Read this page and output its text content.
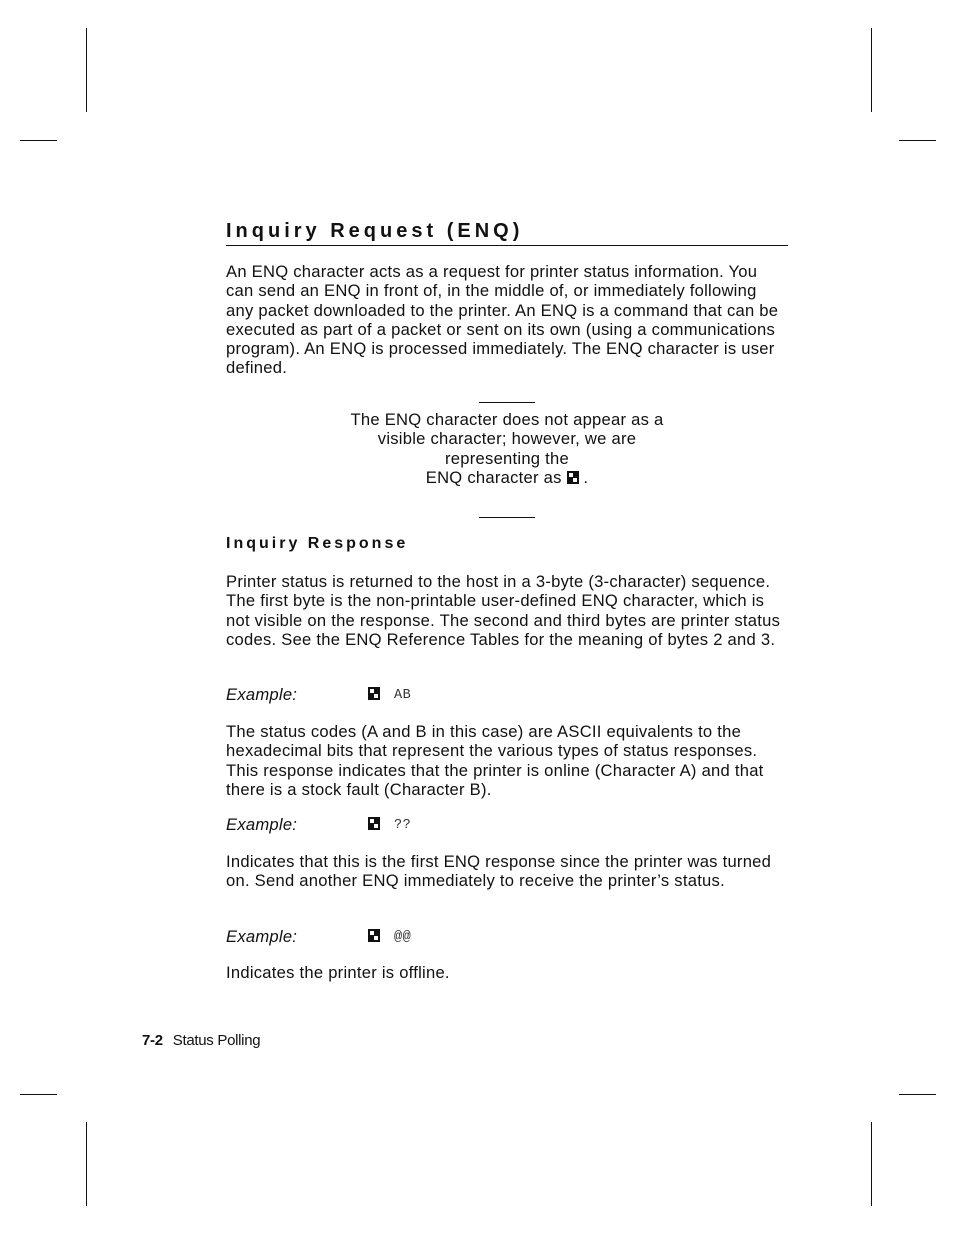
Inquiry Request (ENQ)

An ENQ character acts as a request for printer status information. You can send an ENQ in front of, in the middle of, or immediately following any packet downloaded to the printer. An ENQ is a command that can be executed as part of a packet or sent on its own (using a communications program). An ENQ is processed immediately. The ENQ character is user defined.

The ENQ character does not appear as a
visible character; however, we are
representing the
ENQ character as .
Inquiry Response

Printer status is returned to the host in a 3-byte (3-character) sequence. The first byte is the non-printable user-defined ENQ character, which is not visible on the response. The second and third bytes are printer status codes. See the ENQ Reference Tables for the meaning of bytes 2 and 3.

Example:	AB

The status codes (A and B in this case) are ASCII equivalents to the hexadecimal bits that represent the various types of status responses. This response indicates that the printer is online (Character A) and that there is a stock fault (Character B).

Example:	??

Indicates that this is the first ENQ response since the printer was turned on. Send another ENQ immediately to receive the printer’s status.

Example:	@@

Indicates the printer is offline.

7-2 Status Polling
